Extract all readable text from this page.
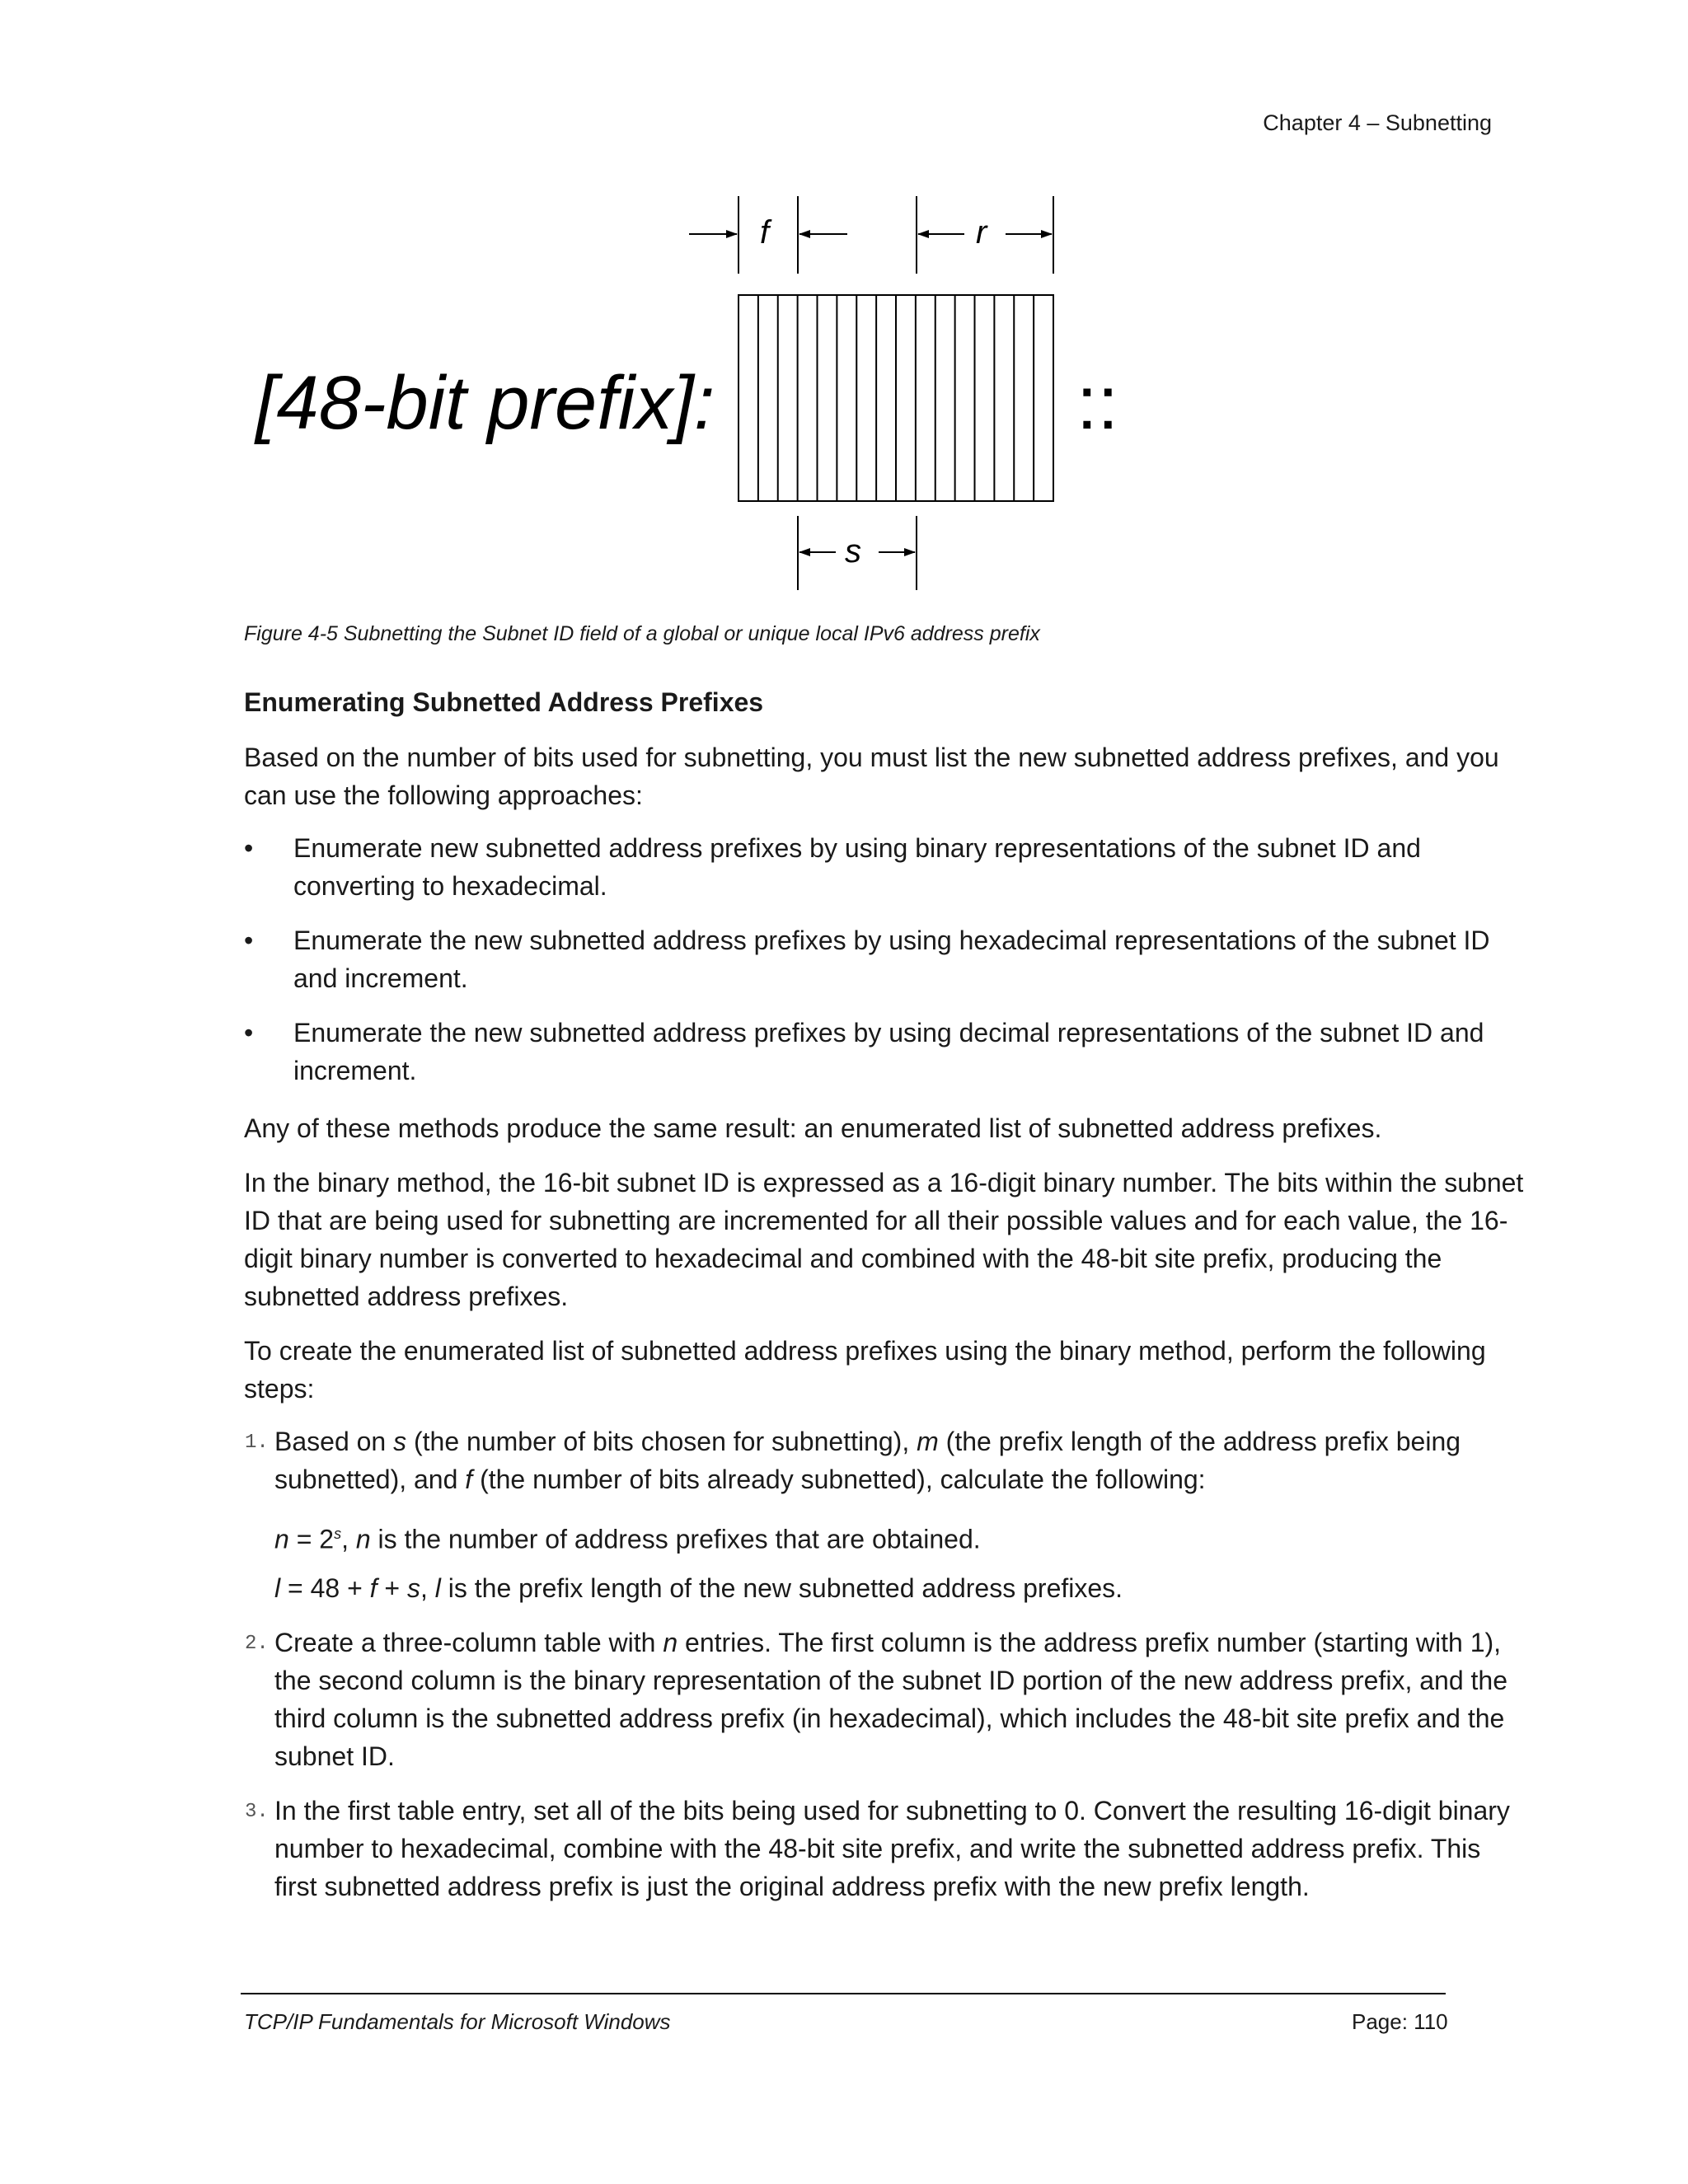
Chapter 4 – Subnetting
[48-bit prefix]:	::
f	r
s
Figure 4-5 Subnetting the Subnet ID field of a global or unique local IPv6 address prefix
Enumerating Subnetted Address Prefixes
Based on the number of bits used for subnetting, you must list the new subnetted address prefixes, and you can use the following approaches:
• Enumerate new subnetted address prefixes by using binary representations of the subnet ID and converting to hexadecimal.
• Enumerate the new subnetted address prefixes by using hexadecimal representations of the subnet ID and increment.
• Enumerate the new subnetted address prefixes by using decimal representations of the subnet ID and increment.
Any of these methods produce the same result: an enumerated list of subnetted address prefixes.
In the binary method, the 16-bit subnet ID is expressed as a 16-digit binary number. The bits within the subnet ID that are being used for subnetting are incremented for all their possible values and for each value, the 16-digit binary number is converted to hexadecimal and combined with the 48-bit site prefix, producing the subnetted address prefixes.
To create the enumerated list of subnetted address prefixes using the binary method, perform the following steps:
1. Based on s (the number of bits chosen for subnetting), m (the prefix length of the address prefix being subnetted), and f (the number of bits already subnetted), calculate the following:
$n = 2^s$, n is the number of address prefixes that are obtained.
l = 48 + f + s, l is the prefix length of the new subnetted address prefixes.
2. Create a three-column table with n entries. The first column is the address prefix number (starting with 1), the second column is the binary representation of the subnet ID portion of the new address prefix, and the third column is the subnetted address prefix (in hexadecimal), which includes the 48-bit site prefix and the subnet ID.
3. In the first table entry, set all of the bits being used for subnetting to 0. Convert the resulting 16-digit binary number to hexadecimal, combine with the 48-bit site prefix, and write the subnetted address prefix. This first subnetted address prefix is just the original address prefix with the new prefix length.
TCP/IP Fundamentals for Microsoft Windows	Page: 110
